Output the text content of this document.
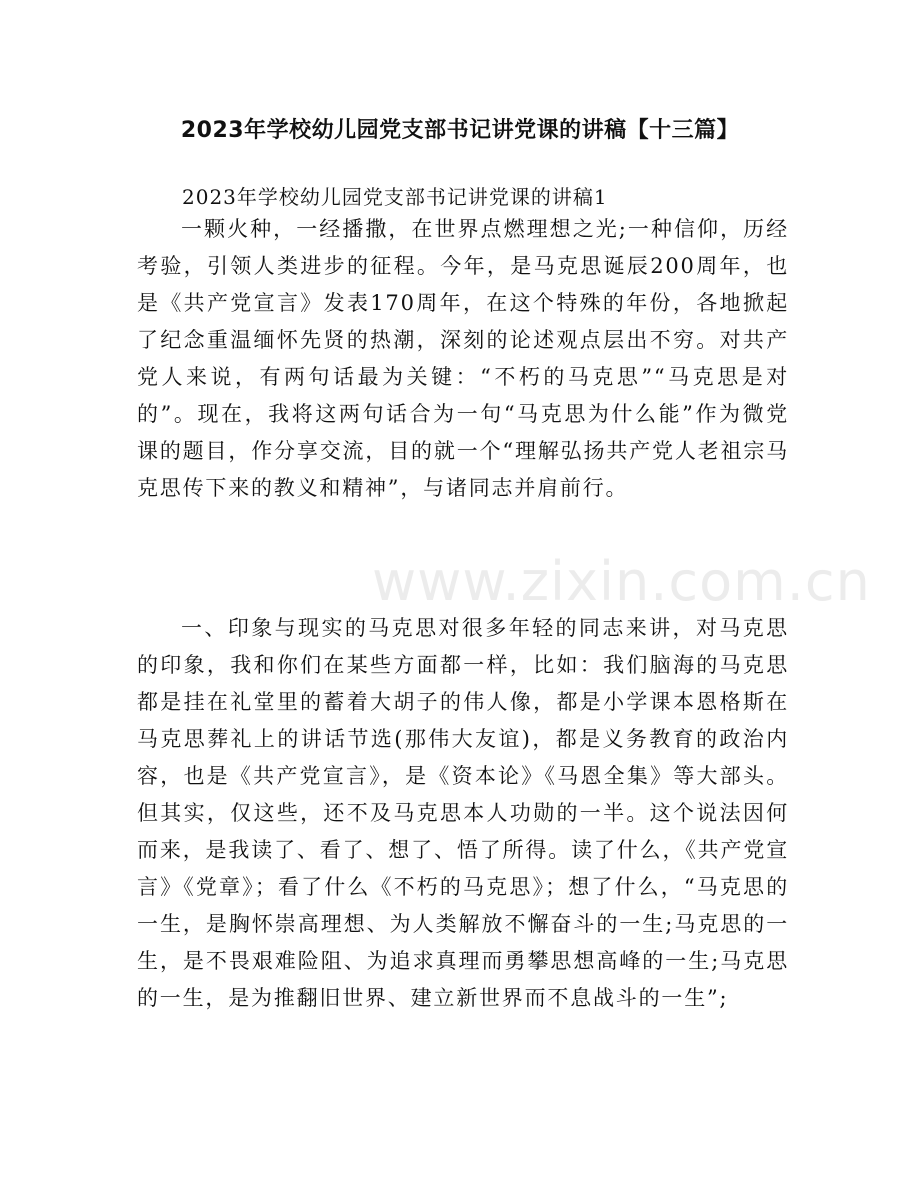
2023年学校幼儿园党支部书记讲党课的讲稿【十三篇】

2023年学校幼儿园党支部书记讲党课的讲稿1

一颗火种，一经播撒，在世界点燃理想之光;一种信仰，历经考验，引领人类进步的征程。今年，是马克思诞辰200周年，也是《共产党宣言》发表170周年，在这个特殊的年份，各地掀起了纪念重温缅怀先贤的热潮，深刻的论述观点层出不穷。对共产党人来说，有两句话最为关键：“不朽的马克思”“马克思是对的”。现在，我将这两句话合为一句“马克思为什么能”作为微党课的题目，作分享交流，目的就一个“理解弘扬共产党人老祖宗马克思传下来的教义和精神”，与诸同志并肩前行。

一、印象与现实的马克思对很多年轻的同志来讲，对马克思的印象，我和你们在某些方面都一样，比如：我们脑海的马克思都是挂在礼堂里的蓄着大胡子的伟人像，都是小学课本恩格斯在马克思葬礼上的讲话节选(那伟大友谊)，都是义务教育的政治内容，也是《共产党宣言》，是《资本论》《马恩全集》等大部头。但其实，仅这些，还不及马克思本人功勋的一半。这个说法因何而来，是我读了、看了、想了、悟了所得。读了什么，《共产党宣言》《党章》；看了什么《不朽的马克思》；想了什么，“马克思的一生，是胸怀崇高理想、为人类解放不懈奋斗的一生;马克思的一生，是不畏艰难险阻、为追求真理而勇攀思想高峰的一生;马克思的一生，是为推翻旧世界、建立新世界而不息战斗的一生”;

www.zixin.com.cn
